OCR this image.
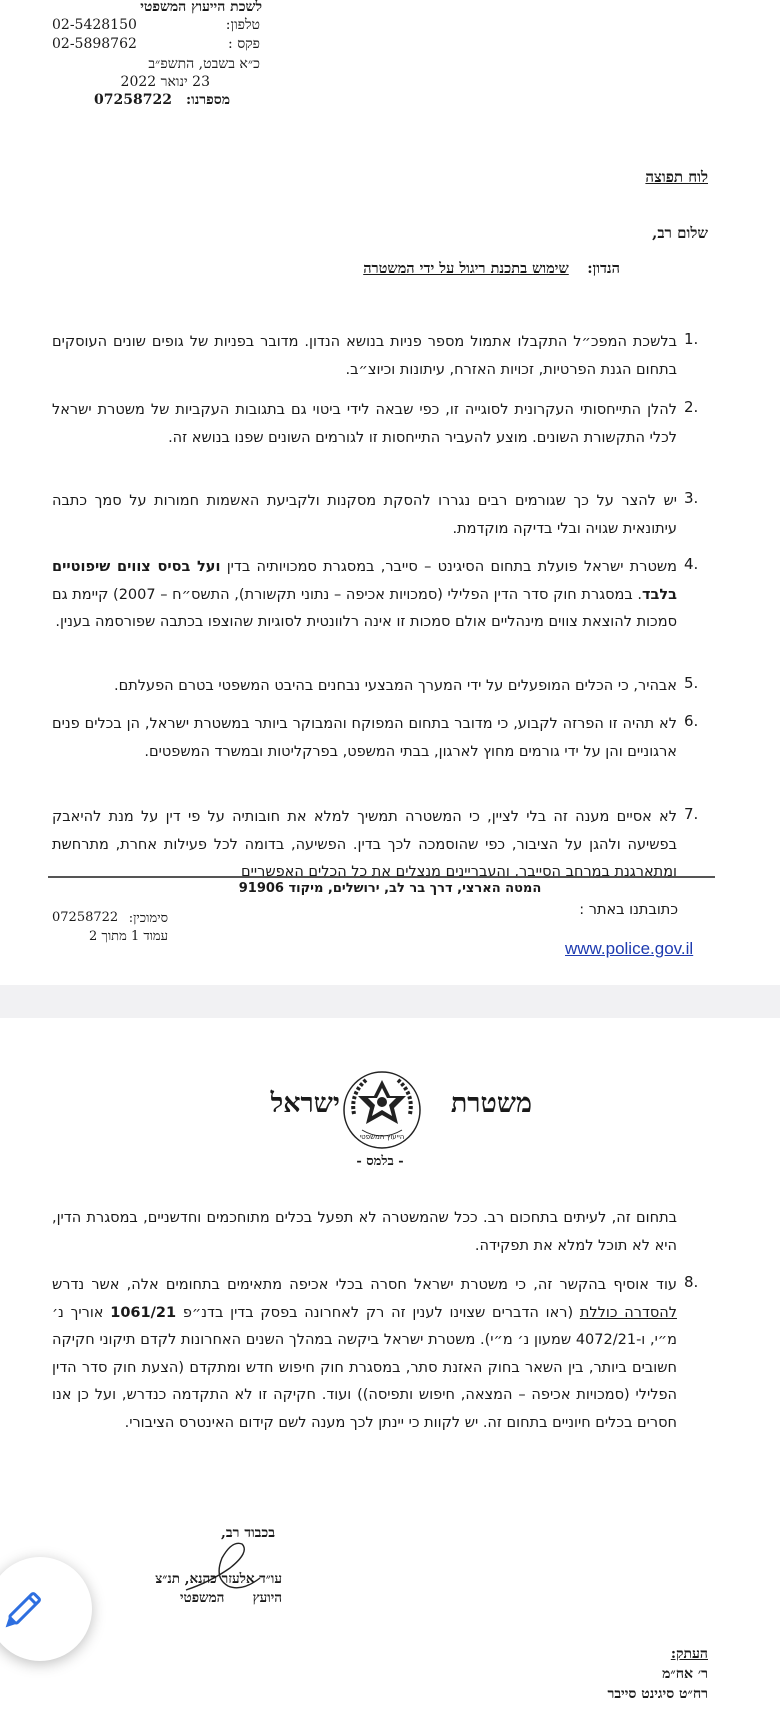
לשכת הייעוץ המשפטי
02-5428150	טלפון:
02-5898762	פקס :
כ״א בשבט, התשפ״ב
23 ינואר 2022
07258722	מספרנו:
לוח תפוצה
שלום רב,
הנדון:    שימוש בתכנת ריגול על ידי המשטרה
1.
בלשכת המפכ״ל התקבלו אתמול מספר פניות בנושא הנדון. מדובר בפניות של גופים שונים העוסקים בתחום הגנת הפרטיות, זכויות האזרח, עיתונות וכיוצ״ב.
2.
להלן התייחסותי העקרונית לסוגייה זו, כפי שבאה לידי ביטוי גם בתגובות העקביות של משטרת ישראל לכלי התקשורת השונים. מוצע להעביר התייחסות זו לגורמים השונים שפנו בנושא זה.
3.
יש להצר על כך שגורמים רבים נגררו להסקת מסקנות ולקביעת האשמות חמורות על סמך כתבה עיתונאית שגויה ובלי בדיקה מוקדמת.
4.
משטרת ישראל פועלת בתחום הסיגינט – סייבר, במסגרת סמכויותיה בדין ועל בסיס צווים שיפוטיים בלבד. במסגרת חוק סדר הדין הפלילי (סמכויות אכיפה – נתוני תקשורת), התשס״ח – 2007) קיימת גם סמכות להוצאת צווים מינהליים אולם סמכות זו אינה רלוונטית לסוגיות שהוצפו בכתבה שפורסמה בענין.
5.
אבהיר, כי הכלים המופעלים על ידי המערך המבצעי נבחנים בהיבט המשפטי בטרם הפעלתם.
6.
לא תהיה זו הפרזה לקבוע, כי מדובר בתחום המפוקח והמבוקר ביותר במשטרת ישראל, הן בכלים פנים ארגוניים והן על ידי גורמים מחוץ לארגון, בבתי המשפט, בפרקליטות ובמשרד המשפטים.
7.
לא אסיים מענה זה בלי לציין, כי המשטרה תמשיך למלא את חובותיה על פי דין על מנת להיאבק בפשיעה ולהגן על הציבור, כפי שהוסמכה לכך בדין. הפשיעה, בדומה לכל פעילות אחרת, מתרחשת ומתארגנת במרחב הסייבר, והעבריינים מנצלים את כל הכלים האפשריים
המטה הארצי, דרך בר לב, ירושלים, מיקוד 91906
כתובתנו באתר :
07258722 סימוכין:
עמוד 1 מתוך 2
www.police.gov.il
משטרת
ישראל
הייעוץ המשפטי
- בלמס -
בתחום זה, לעיתים בתחכום רב. ככל שהמשטרה לא תפעל בכלים מתוחכמים וחדשניים, במסגרת הדין, היא לא תוכל למלא את תפקידה.
8.
עוד אוסיף בהקשר זה, כי משטרת ישראל חסרה בכלי אכיפה מתאימים בתחומים אלה, אשר נדרש להסדרה כוללת (ראו הדברים שצוינו לענין זה רק לאחרונה בפסק בדין בדנ״פ 1061/21 אוריך נ׳ מ״י, ו-4072/21 שמעון נ׳ מ״י). משטרת ישראל ביקשה במהלך השנים האחרונות לקדם תיקוני חקיקה חשובים ביותר, בין השאר בחוק האזנת סתר, במסגרת חוק חיפוש חדש ומתקדם (הצעת חוק סדר הדין הפלילי (סמכויות אכיפה – המצאה, חיפוש ותפיסה)) ועוד. חקיקה זו לא התקדמה כנדרש, ועל כן אנו חסרים בכלים חיוניים בתחום זה. יש לקוות כי יינתן לכך מענה לשם קידום האינטרס הציבורי.
בכבוד רב,
עו״ד אלעזר כהנא, תנ״צ
היועץ      המשפטי
העתק:
ר׳ אח״מ
רח״ט סיגינט סייבר
